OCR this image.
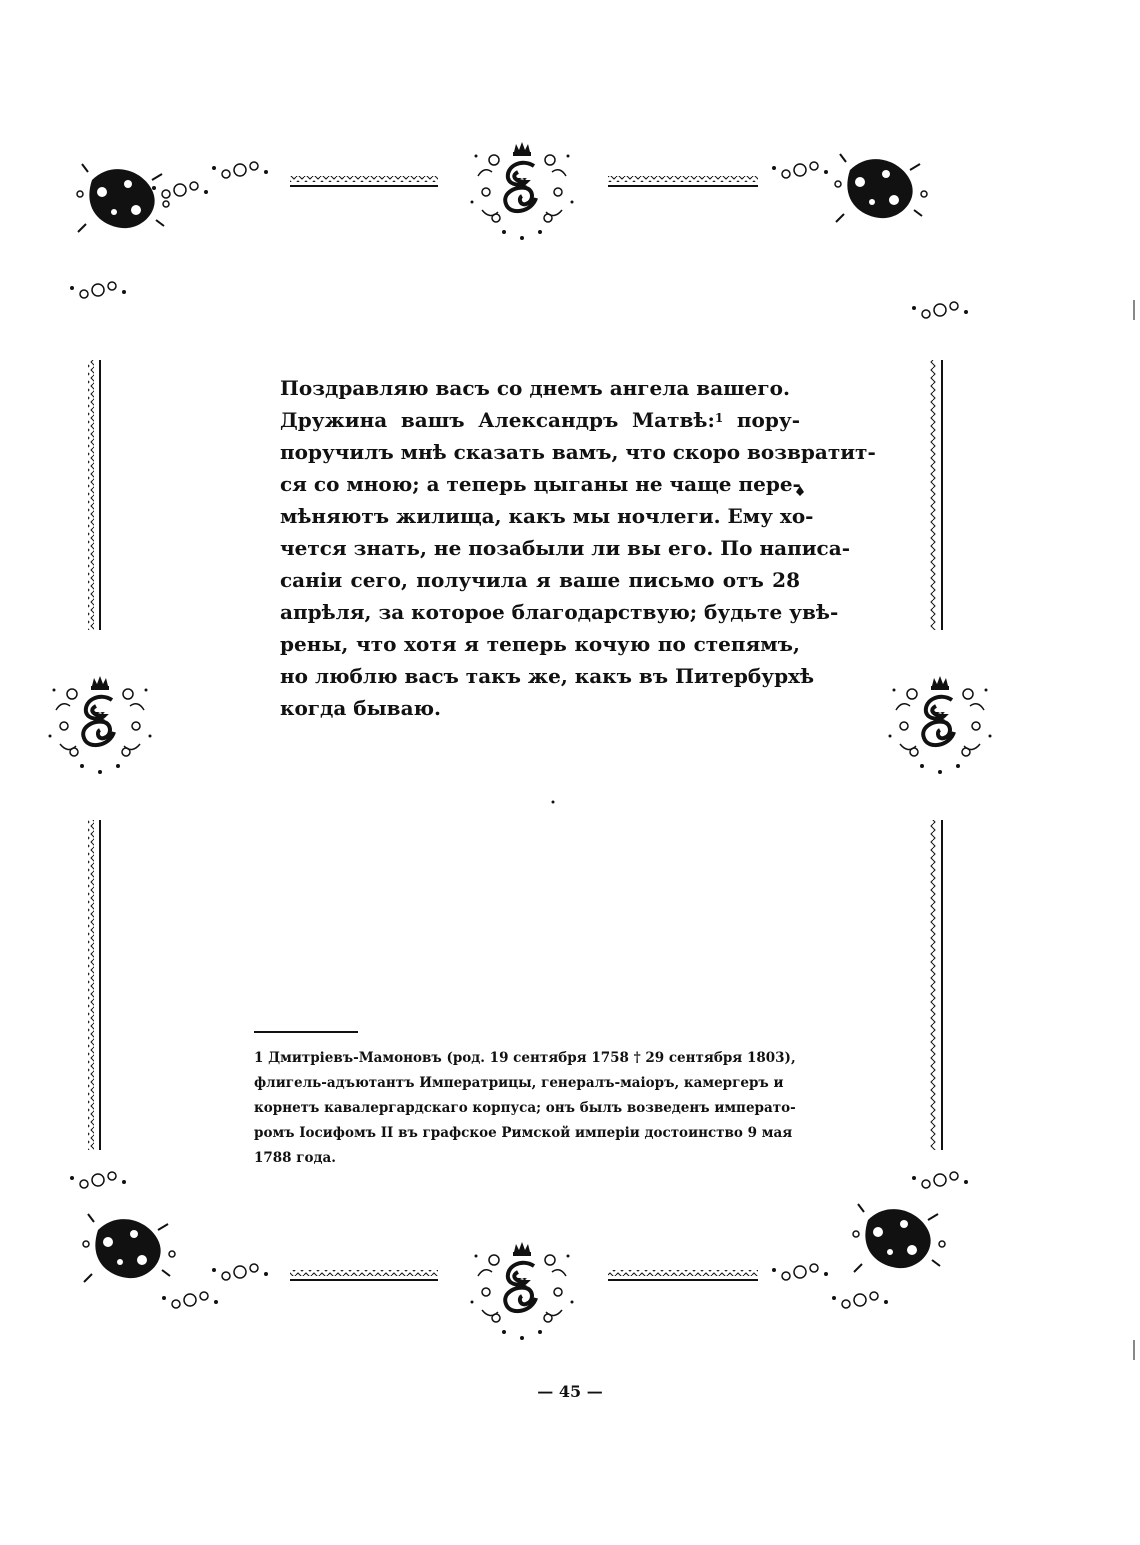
Поздравляю васъ со днемъ ангела вашего.
Дружина вашъ Александръ Матвѣ:$^1$ пору-
поручилъ мнѣ сказать вамъ, что скоро возвратит-
ся со мною; а теперь цыганы не чаще пере-
мѣняютъ жилища, какъ мы ночлеги. Ему хо-
чется знать, не позабыли ли вы его. По написа-
саніи сего, получила я ваше письмо отъ 28
апрѣля, за которое благодарствую; будьте увѣ-
рены, что хотя я теперь кочую по степямъ,
но люблю васъ такъ же, какъ въ Питербурхѣ
когда бываю.
1 Дмитріевъ-Мамоновъ (род. 19 сентября 1758 † 29 сентября 1803),
флигель-адъютантъ Императрицы, генералъ-маіоръ, камергеръ и
корнетъ кавалергардскаго корпуса; онъ былъ возведенъ императо-
ромъ Іосифомъ II въ графское Римской имперіи достоинство 9 мая
1788 года.
— 45 —
